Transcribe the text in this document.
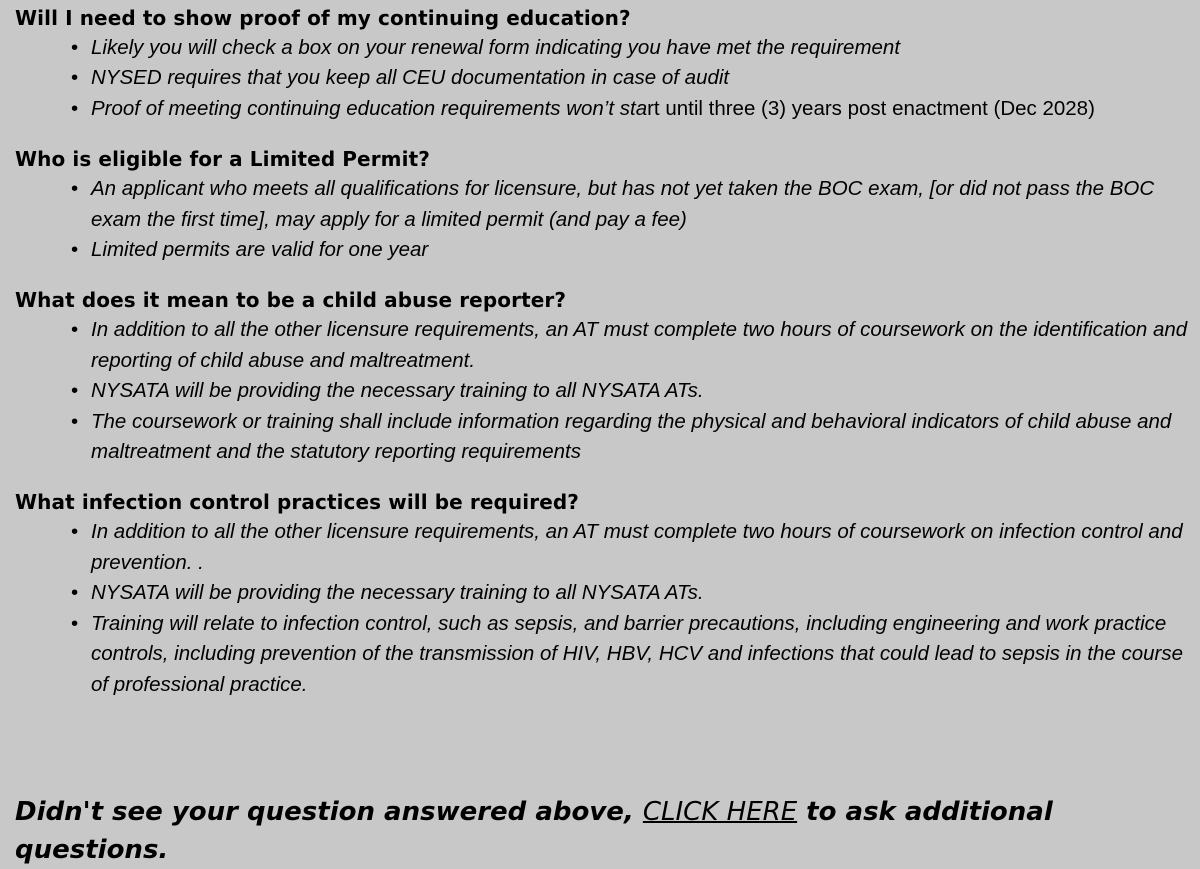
Will I need to show proof of my continuing education?

• Likely you will check a box on your renewal form indicating you have met the requirement
• NYSED requires that you keep all CEU documentation in case of audit
• Proof of meeting continuing education requirements won’t start until three (3) years post enactment (Dec 2028)

Who is eligible for a Limited Permit?

• An applicant who meets all qualifications for licensure, but has not yet taken the BOC exam, [or did not pass the BOC exam the first time], may apply for a limited permit (and pay a fee)
• Limited permits are valid for one year

What does it mean to be a child abuse reporter?

• In addition to all the other licensure requirements, an AT must complete two hours of coursework on the identification and reporting of child abuse and maltreatment.
• NYSATA will be providing the necessary training to all NYSATA ATs.
• The coursework or training shall include information regarding the physical and behavioral indicators of child abuse and maltreatment and the statutory reporting requirements

What infection control practices will be required?

• In addition to all the other licensure requirements, an AT must complete two hours of coursework on infection control and prevention. .
• NYSATA will be providing the necessary training to all NYSATA ATs.
• Training will relate to infection control, such as sepsis, and barrier precautions, including engineering and work practice controls, including prevention of the transmission of HIV, HBV, HCV and infections that could lead to sepsis in the course of professional practice.

Didn't see your question answered above, CLICK HERE to ask additional questions.
